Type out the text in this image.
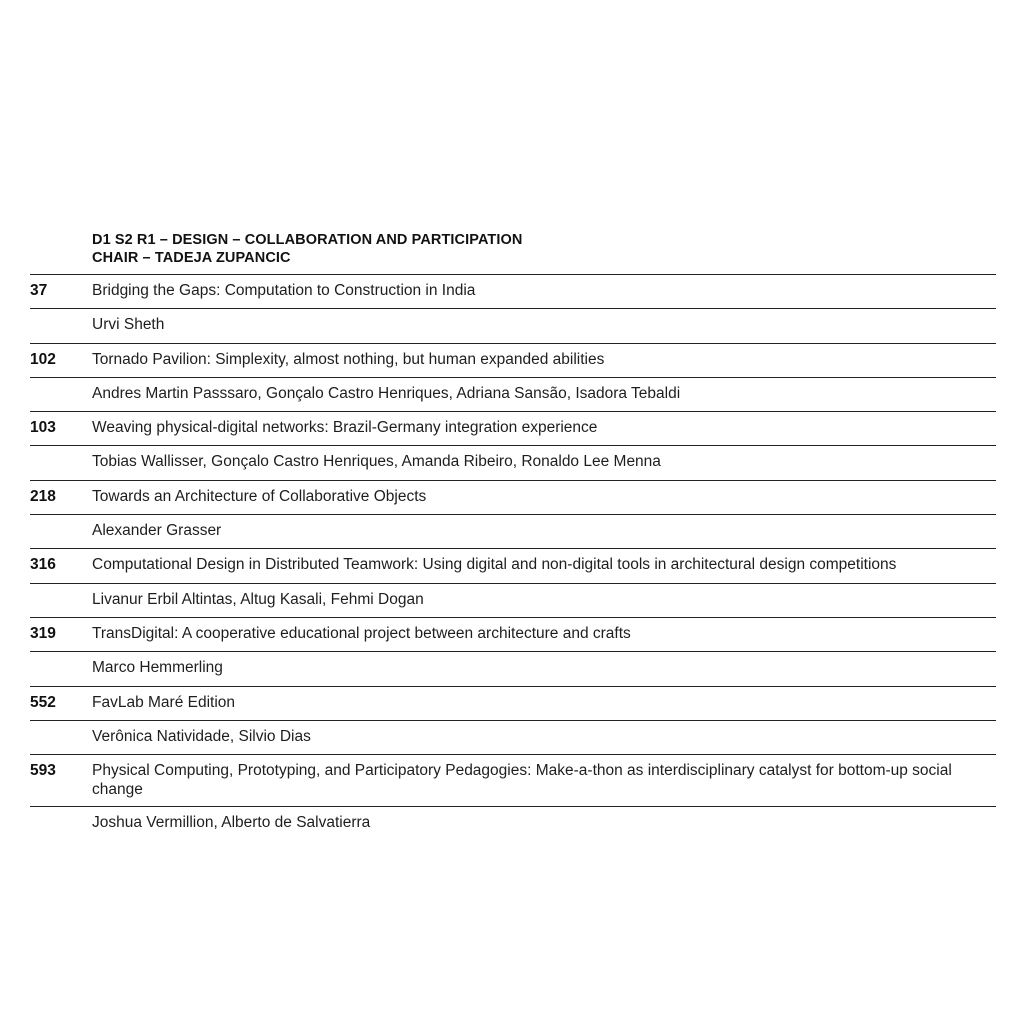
D1 S2 R1 – DESIGN – COLLABORATION AND PARTICIPATION
CHAIR – TADEJA ZUPANCIC
37	Bridging the Gaps: Computation to Construction in India
Urvi Sheth
102	Tornado Pavilion: Simplexity, almost nothing, but human expanded abilities
Andres Martin Passsaro, Gonçalo Castro Henriques, Adriana Sansão, Isadora Tebaldi
103	Weaving physical-digital networks: Brazil-Germany integration experience
Tobias Wallisser, Gonçalo Castro Henriques, Amanda Ribeiro, Ronaldo Lee Menna
218	Towards an Architecture of Collaborative Objects
Alexander Grasser
316	Computational Design in Distributed Teamwork: Using digital and non-digital tools in architectural design competitions
Livanur Erbil Altintas, Altug Kasali, Fehmi Dogan
319	TransDigital: A cooperative educational project between architecture and crafts
Marco Hemmerling
552	FavLab Maré Edition
Verônica Natividade, Silvio Dias
593	Physical Computing, Prototyping, and Participatory Pedagogies: Make-a-thon as interdisciplinary catalyst for bottom-up social change
Joshua Vermillion, Alberto de Salvatierra
